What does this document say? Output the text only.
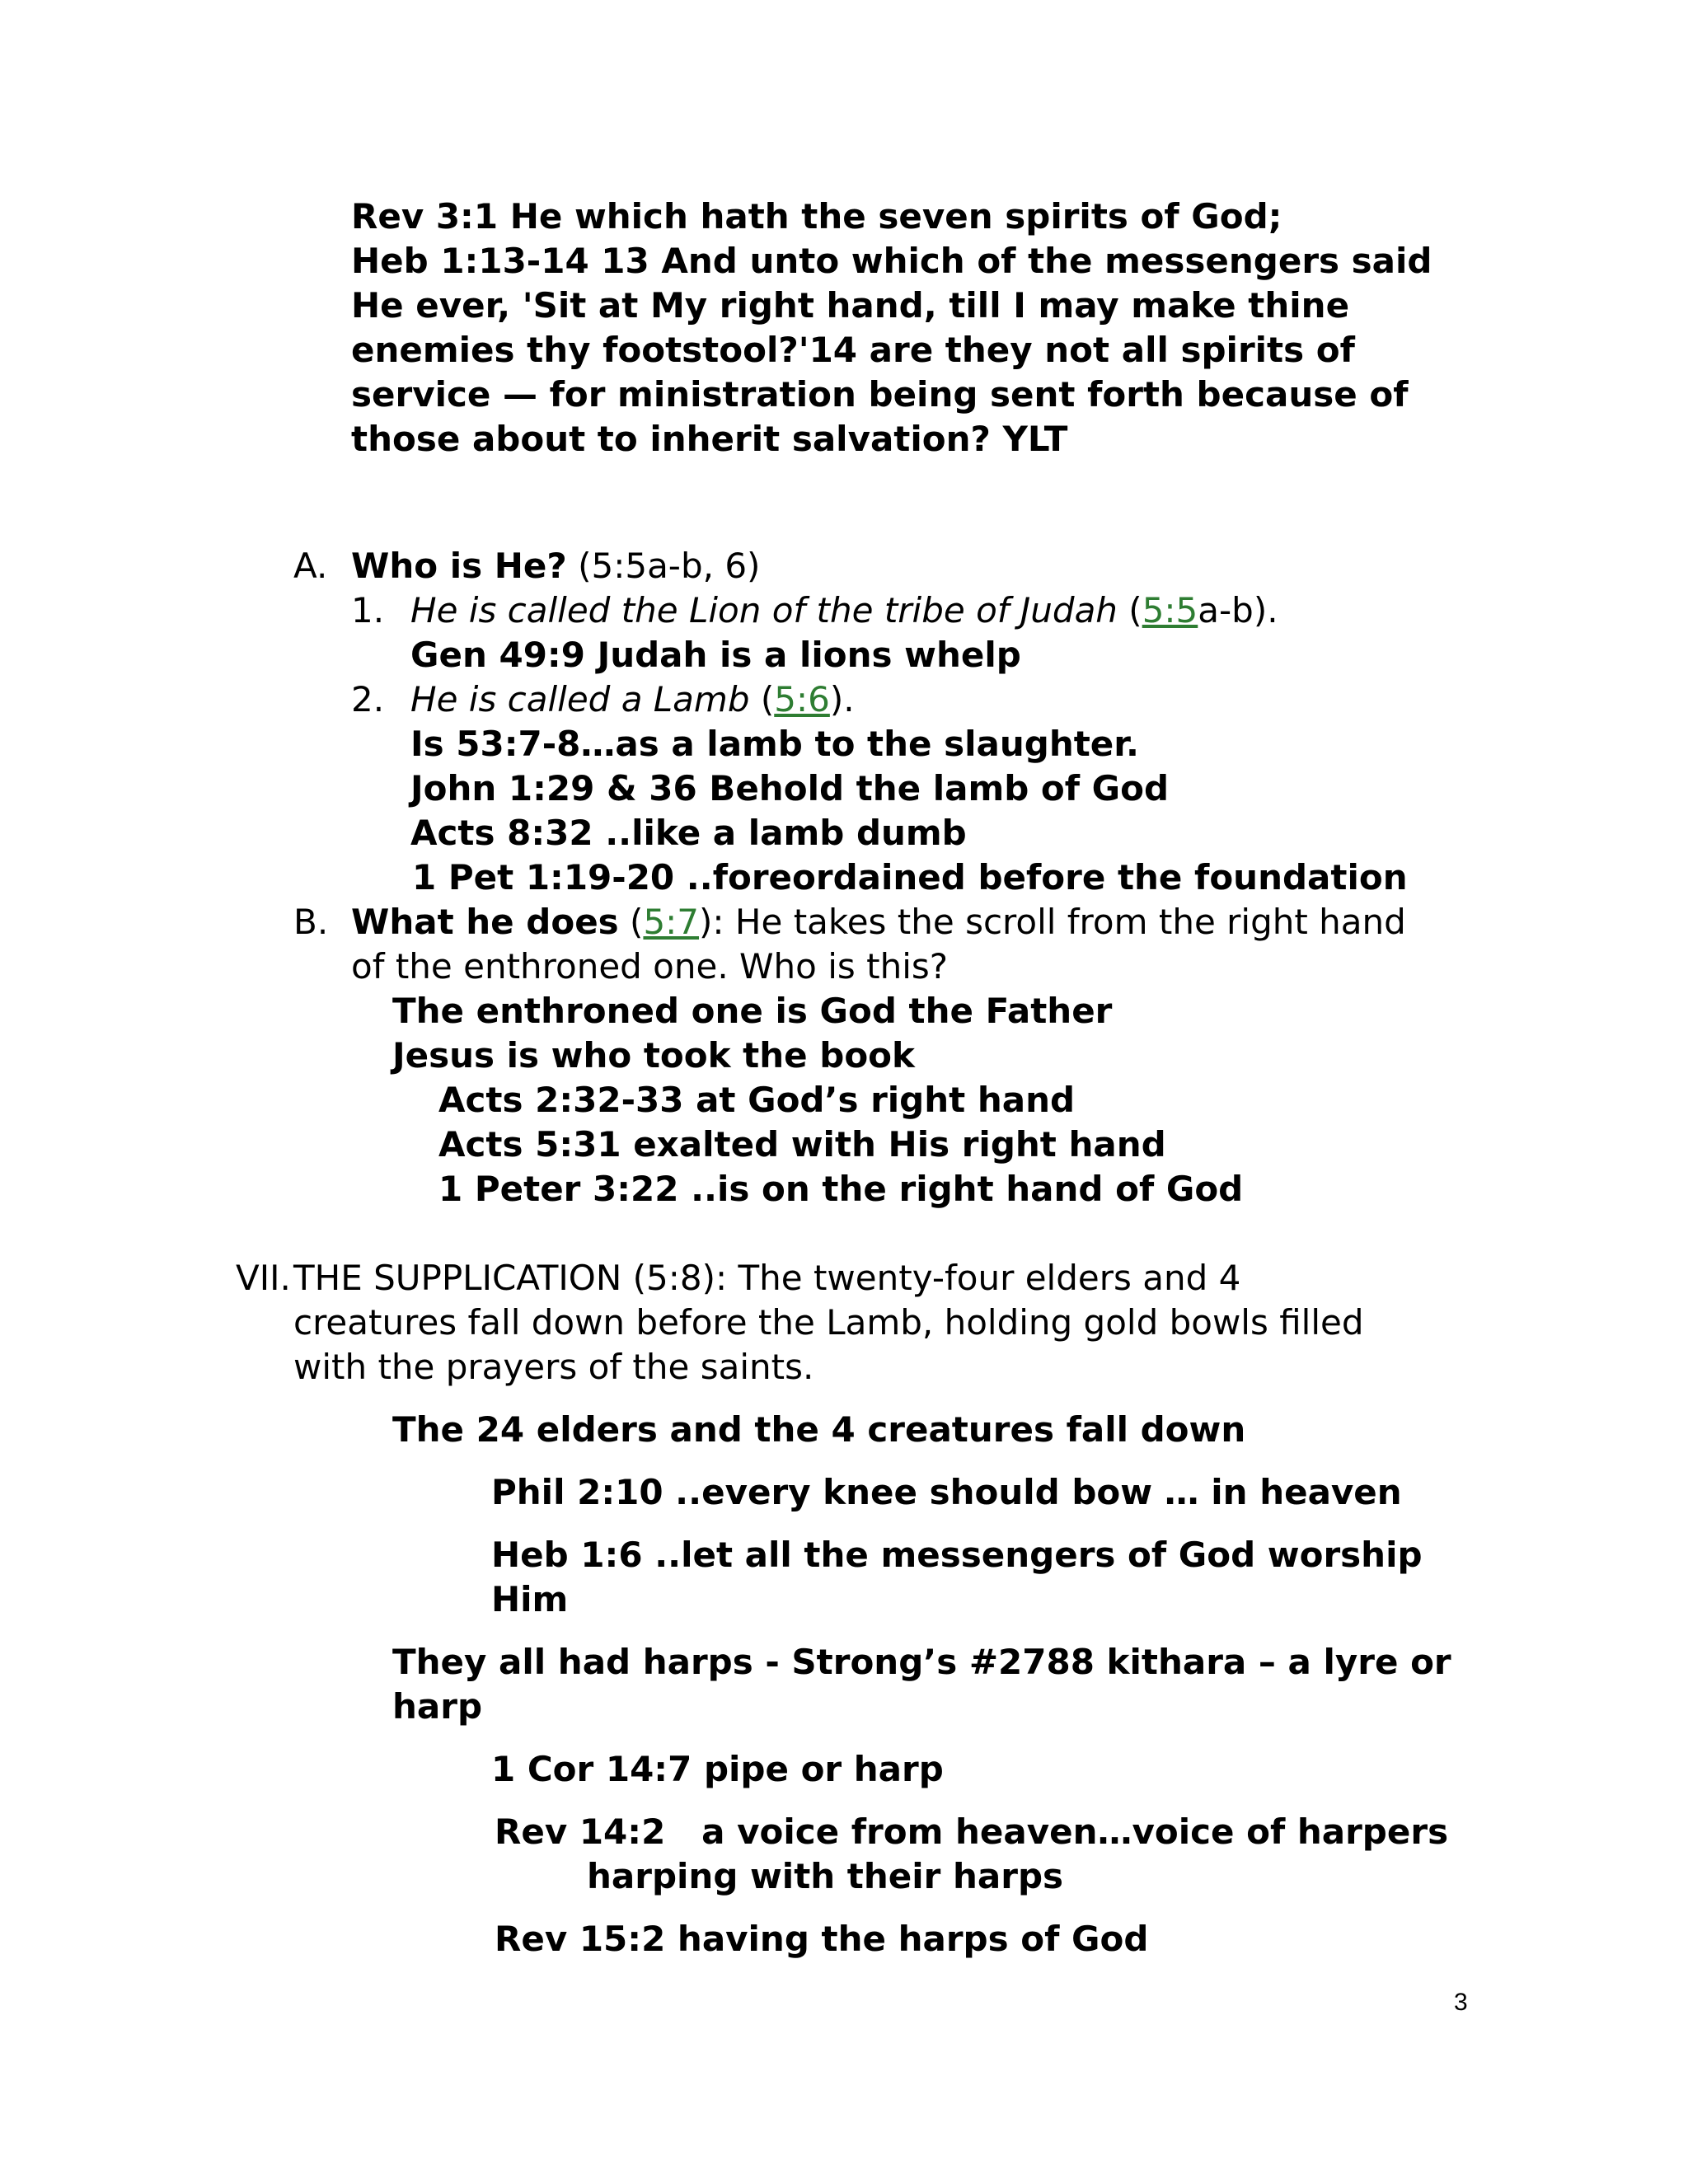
Rev 3:1 He which hath the seven spirits of God;
Heb 1:13-14 13 And unto which of the messengers said
He ever, 'Sit at My right hand, till I may make thine
enemies thy footstool?'14 are they not all spirits of
service — for ministration being sent forth because of
those about to inherit salvation? YLT
A. Who is He? (5:5a-b, 6)
1. He is called the Lion of the tribe of Judah (5:5a-b).
Gen 49:9 Judah is a lions whelp
2. He is called a Lamb (5:6).
Is 53:7-8…as a lamb to the slaughter.
John 1:29 & 36 Behold the lamb of God
Acts 8:32 ..like a lamb dumb
1 Pet 1:19-20 ..foreordained before the foundation
B. What he does (5:7): He takes the scroll from the right hand
of the enthroned one. Who is this?
The enthroned one is God the Father
Jesus is who took the book
Acts 2:32-33 at God’s right hand
Acts 5:31 exalted with His right hand
1 Peter 3:22 ..is on the right hand of God
VII. THE SUPPLICATION (5:8): The twenty-four elders and 4
creatures fall down before the Lamb, holding gold bowls filled
with the prayers of the saints.
The 24 elders and the 4 creatures fall down
Phil 2:10 ..every knee should bow … in heaven
Heb 1:6 ..let all the messengers of God worship
Him
They all had harps - Strong’s #2788 kithara – a lyre or
harp
1 Cor 14:7 pipe or harp
Rev 14:2   a voice from heaven…voice of harpers
harping with their harps
Rev 15:2 having the harps of God
3
